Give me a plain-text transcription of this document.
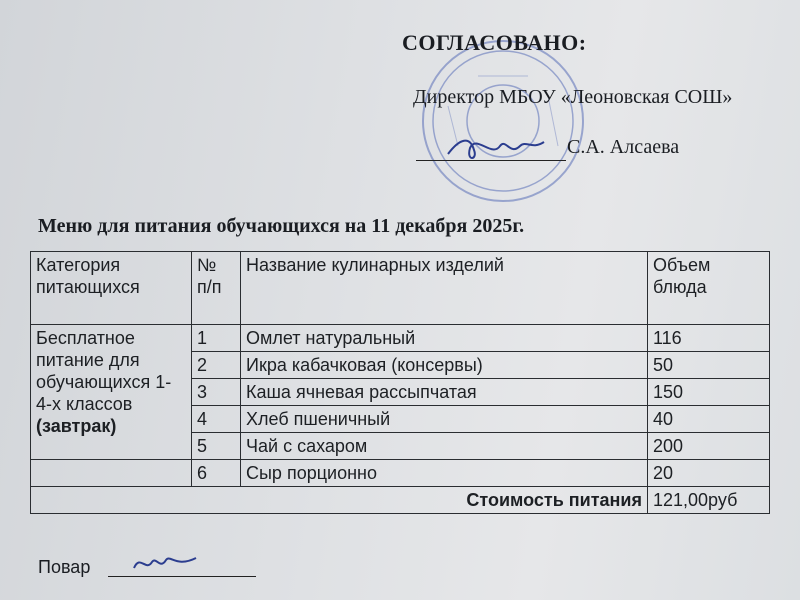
СОГЛАСОВАНО:
Директор МБОУ «Леоновская СОШ»
С.А. Алсаева
Меню для питания обучающихся на 11 декабря 2025г.
Категория питающихся	№ п/п	Название кулинарных изделий	Объем блюда
Бесплатное питание для обучающихся 1-4-х классов (завтрак)	1	Омлет натуральный	116
	2	Икра кабачковая (консервы)	50
	3	Каша ячневая рассыпчатая	150
	4	Хлеб пшеничный	40
	5	Чай с сахаром	200
	6	Сыр порционно	20
Стоимость питания			121,00руб
Повар
